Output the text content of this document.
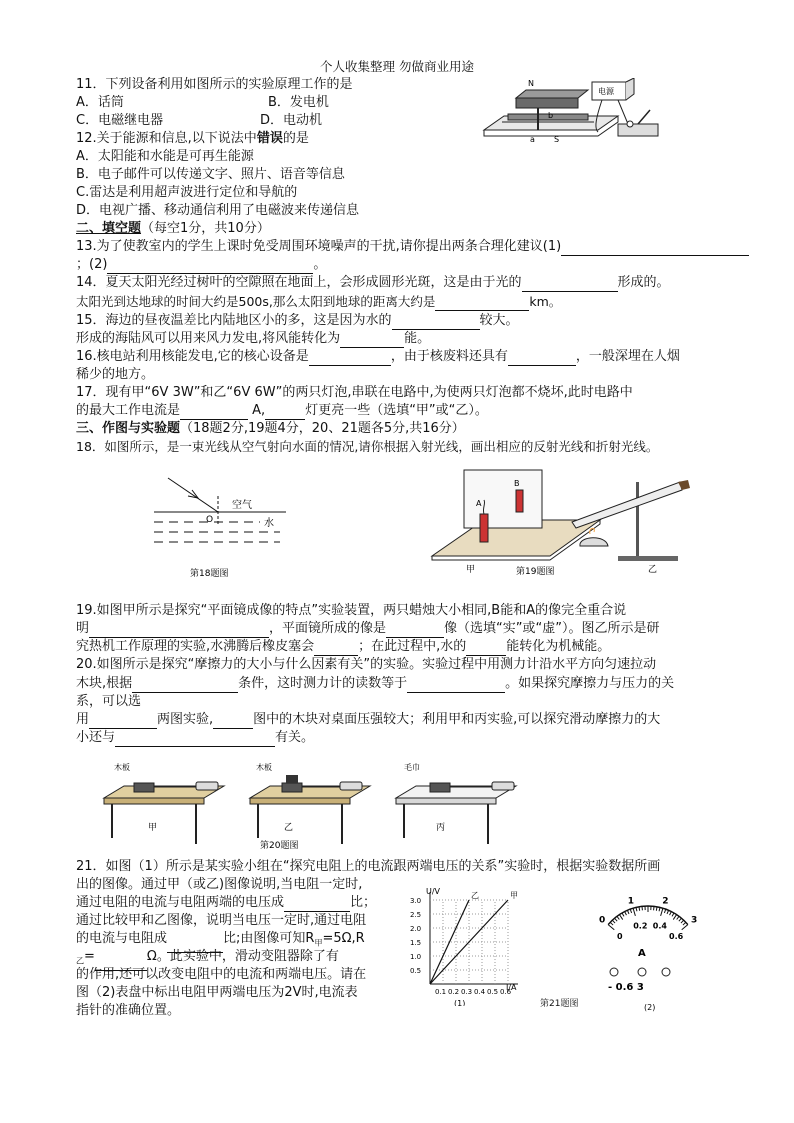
个人收集整理 勿做商业用途
11．下列设备利用如图所示的实验原理工作的是
A．话筒	B．发电机
C．电磁继电器	D．电动机
N
S
a
b
电源
12.关于能源和信息,以下说法中错误的是
A．太阳能和水能是可再生能源
B．电子邮件可以传递文字、照片、语音等信息
C.雷达是利用超声波进行定位和导航的
D．电视广播、移动通信利用了电磁波来传递信息
二、填空题（每空1分，共10分）
13.为了使教室内的学生上课时免受周围环境噪声的干扰,请你提出两条合理化建议(1)
；(2)	。
14．夏天太阳光经过树叶的空隙照在地面上，会形成圆形光斑，这是由于光的	形成的。
太阳光到达地球的时间大约是500s,那么太阳到地球的距离大约是	km。
15．海边的昼夜温差比内陆地区小的多，这是因为水的	较大。
形成的海陆风可以用来风力发电,将风能转化为	能。
16.核电站利用核能发电,它的核心设备是	，由于核废料还具有	，一般深埋在人烟
稀少的地方。
17．现有甲“6V 3W”和乙“6V 6W”的两只灯泡,串联在电路中,为使两只灯泡都不烧坏,此时电路中
的最大工作电流是	A,	灯更亮一些（选填“甲”或“乙）。
三、作图与实验题（18题2分,19题4分，20、21题各5分,共16分）
18．如图所示，是一束光线从空气射向水面的情况,请你根据入射光线，画出相应的反射光线和折射光线。
O
空气
水
第18题图
A
B
甲	第19题图	乙
19.如图甲所示是探究“平面镜成像的特点”实验装置，两只蜡烛大小相同,B能和A的像完全重合说
明	，平面镜所成的像是	像（选填“实”或“虚”）。图乙所示是研
究热机工作原理的实验,水沸腾后橡皮塞会	；在此过程中,水的	能转化为机械能。
20.如图所示是探究“摩擦力的大小与什么因素有关”的实验。实验过程中用测力计沿水平方向匀速拉动
木块,根据	条件，这时测力计的读数等于	。如果探究摩擦力与压力的关
系，可以选
用	两图实验,	图中的木块对桌面压强较大；利用甲和丙实验,可以探究滑动摩擦力的大
小还与	有关。
木板
甲
木板
乙
毛巾
丙
第20题图
21．如图（1）所示是某实验小组在“探究电阻上的电流跟两端电压的关系”实验时，根据实验数据所画
出的图像。通过甲（或乙)图像说明,当电阻一定时,
通过电阻的电流与电阻两端的电压成	比；
通过比较甲和乙图像，说明当电压一定时,通过电阻
的电流与电阻成	比;由图像可知$R_甲=5\Omega,R$
$_乙$=	Ω。此实验中，滑动变阻器除了有
的作用,还可以改变电阻中的电流和两端电压。请在
图（2)表盘中标出电阻甲两端电压为2V时,电流表
指针的准确位置。
U/V
I/A
3.0
2.5
2.0
1.5
1.0
0.5
0.1 0.2 0.3 0.4 0.5 0.6
甲
乙
(1)	第21题图
0
1	2
3
0
0.2 0.4
0.6
A
- 0.6 3
(2)
